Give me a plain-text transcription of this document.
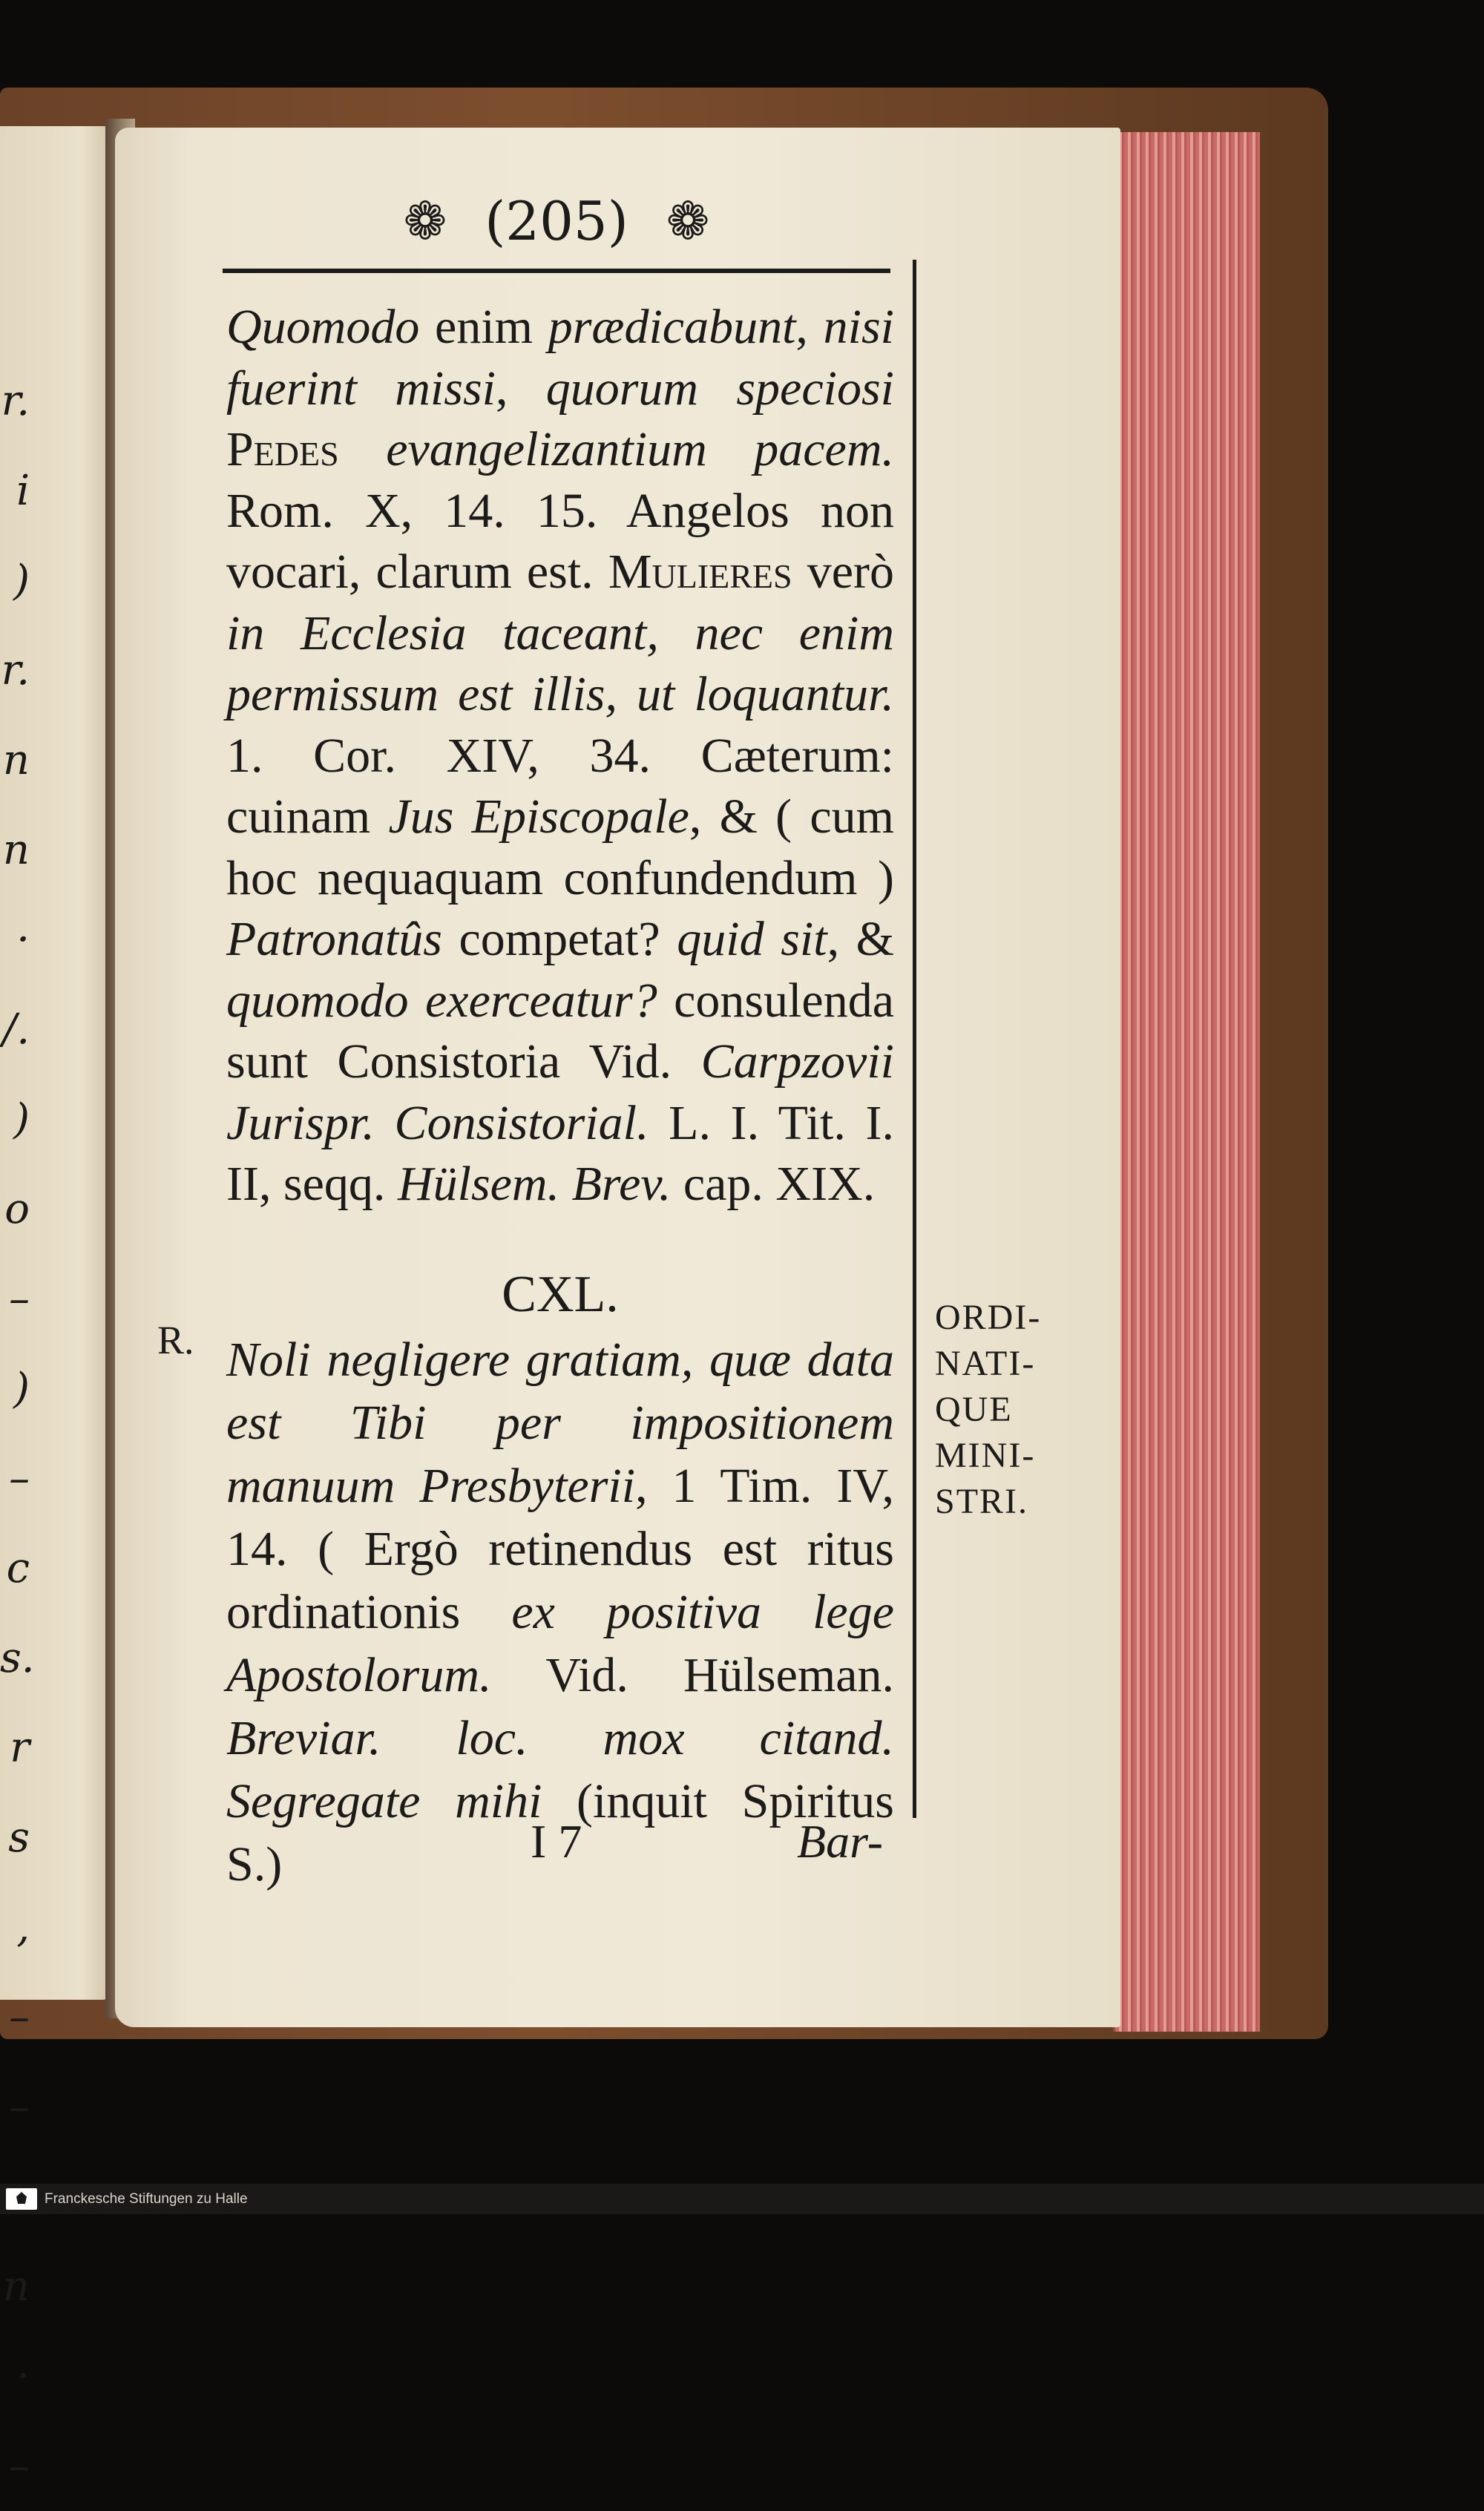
r.
i
)
r.
n
n
·
/.
)
o
–
)
–
c
s.
r
s
,
–
–
n
·
–
❁ (205) ❁
Quomodo enim prædicabunt, nisi fuerint missi, quorum speciosi Pedes evangelizantium pacem. Rom. X, 14. 15. Angelos non vocari, clarum est. Mulieres verò in Ecclesia taceant, nec enim permissum est illis, ut loquantur. 1. Cor. XIV, 34. Cæterum: cuinam Jus Episcopale, & ( cum hoc nequaquam confundendum ) Patronatûs competat? quid sit, & quomodo exerceatur? consulenda sunt Consistoria Vid. Carpzovii Jurispr. Consistorial. L. I. Tit. I. II, seqq. Hülsem. Brev. cap. XIX.
CXL.
R. Noli negligere gratiam, quæ data est Tibi per impositionem manuum Presbyterii, 1 Tim. IV, 14. ( Ergò retinendus est ritus ordinationis ex positiva lege Apostolorum. Vid. Hülseman. Breviar. loc. mox citand. Segregate mihi (inquit Spiritus S.)
ORDI-
NATI-
QUE
MINI-
STRI.
I 7	Bar-
Franckesche Stiftungen zu Halle
